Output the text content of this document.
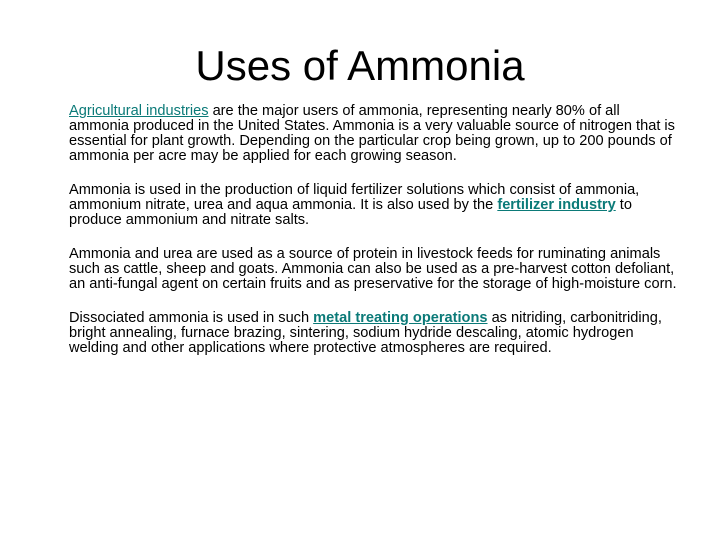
Uses of Ammonia

Agricultural industries are the major users of ammonia, representing nearly 80% of all ammonia produced in the United States. Ammonia is a very valuable source of nitrogen that is essential for plant growth. Depending on the particular crop being grown, up to 200 pounds of ammonia per acre may be applied for each growing season.

Ammonia is used in the production of liquid fertilizer solutions which consist of ammonia, ammonium nitrate, urea and aqua ammonia. It is also used by the fertilizer industry to produce ammonium and nitrate salts.

Ammonia and urea are used as a source of protein in livestock feeds for ruminating animals such as cattle, sheep and goats. Ammonia can also be used as a pre-harvest cotton defoliant, an anti-fungal agent on certain fruits and as preservative for the storage of high-moisture corn.

Dissociated ammonia is used in such metal treating operations as nitriding, carbonitriding, bright annealing, furnace brazing, sintering, sodium hydride descaling, atomic hydrogen welding and other applications where protective atmospheres are required.
